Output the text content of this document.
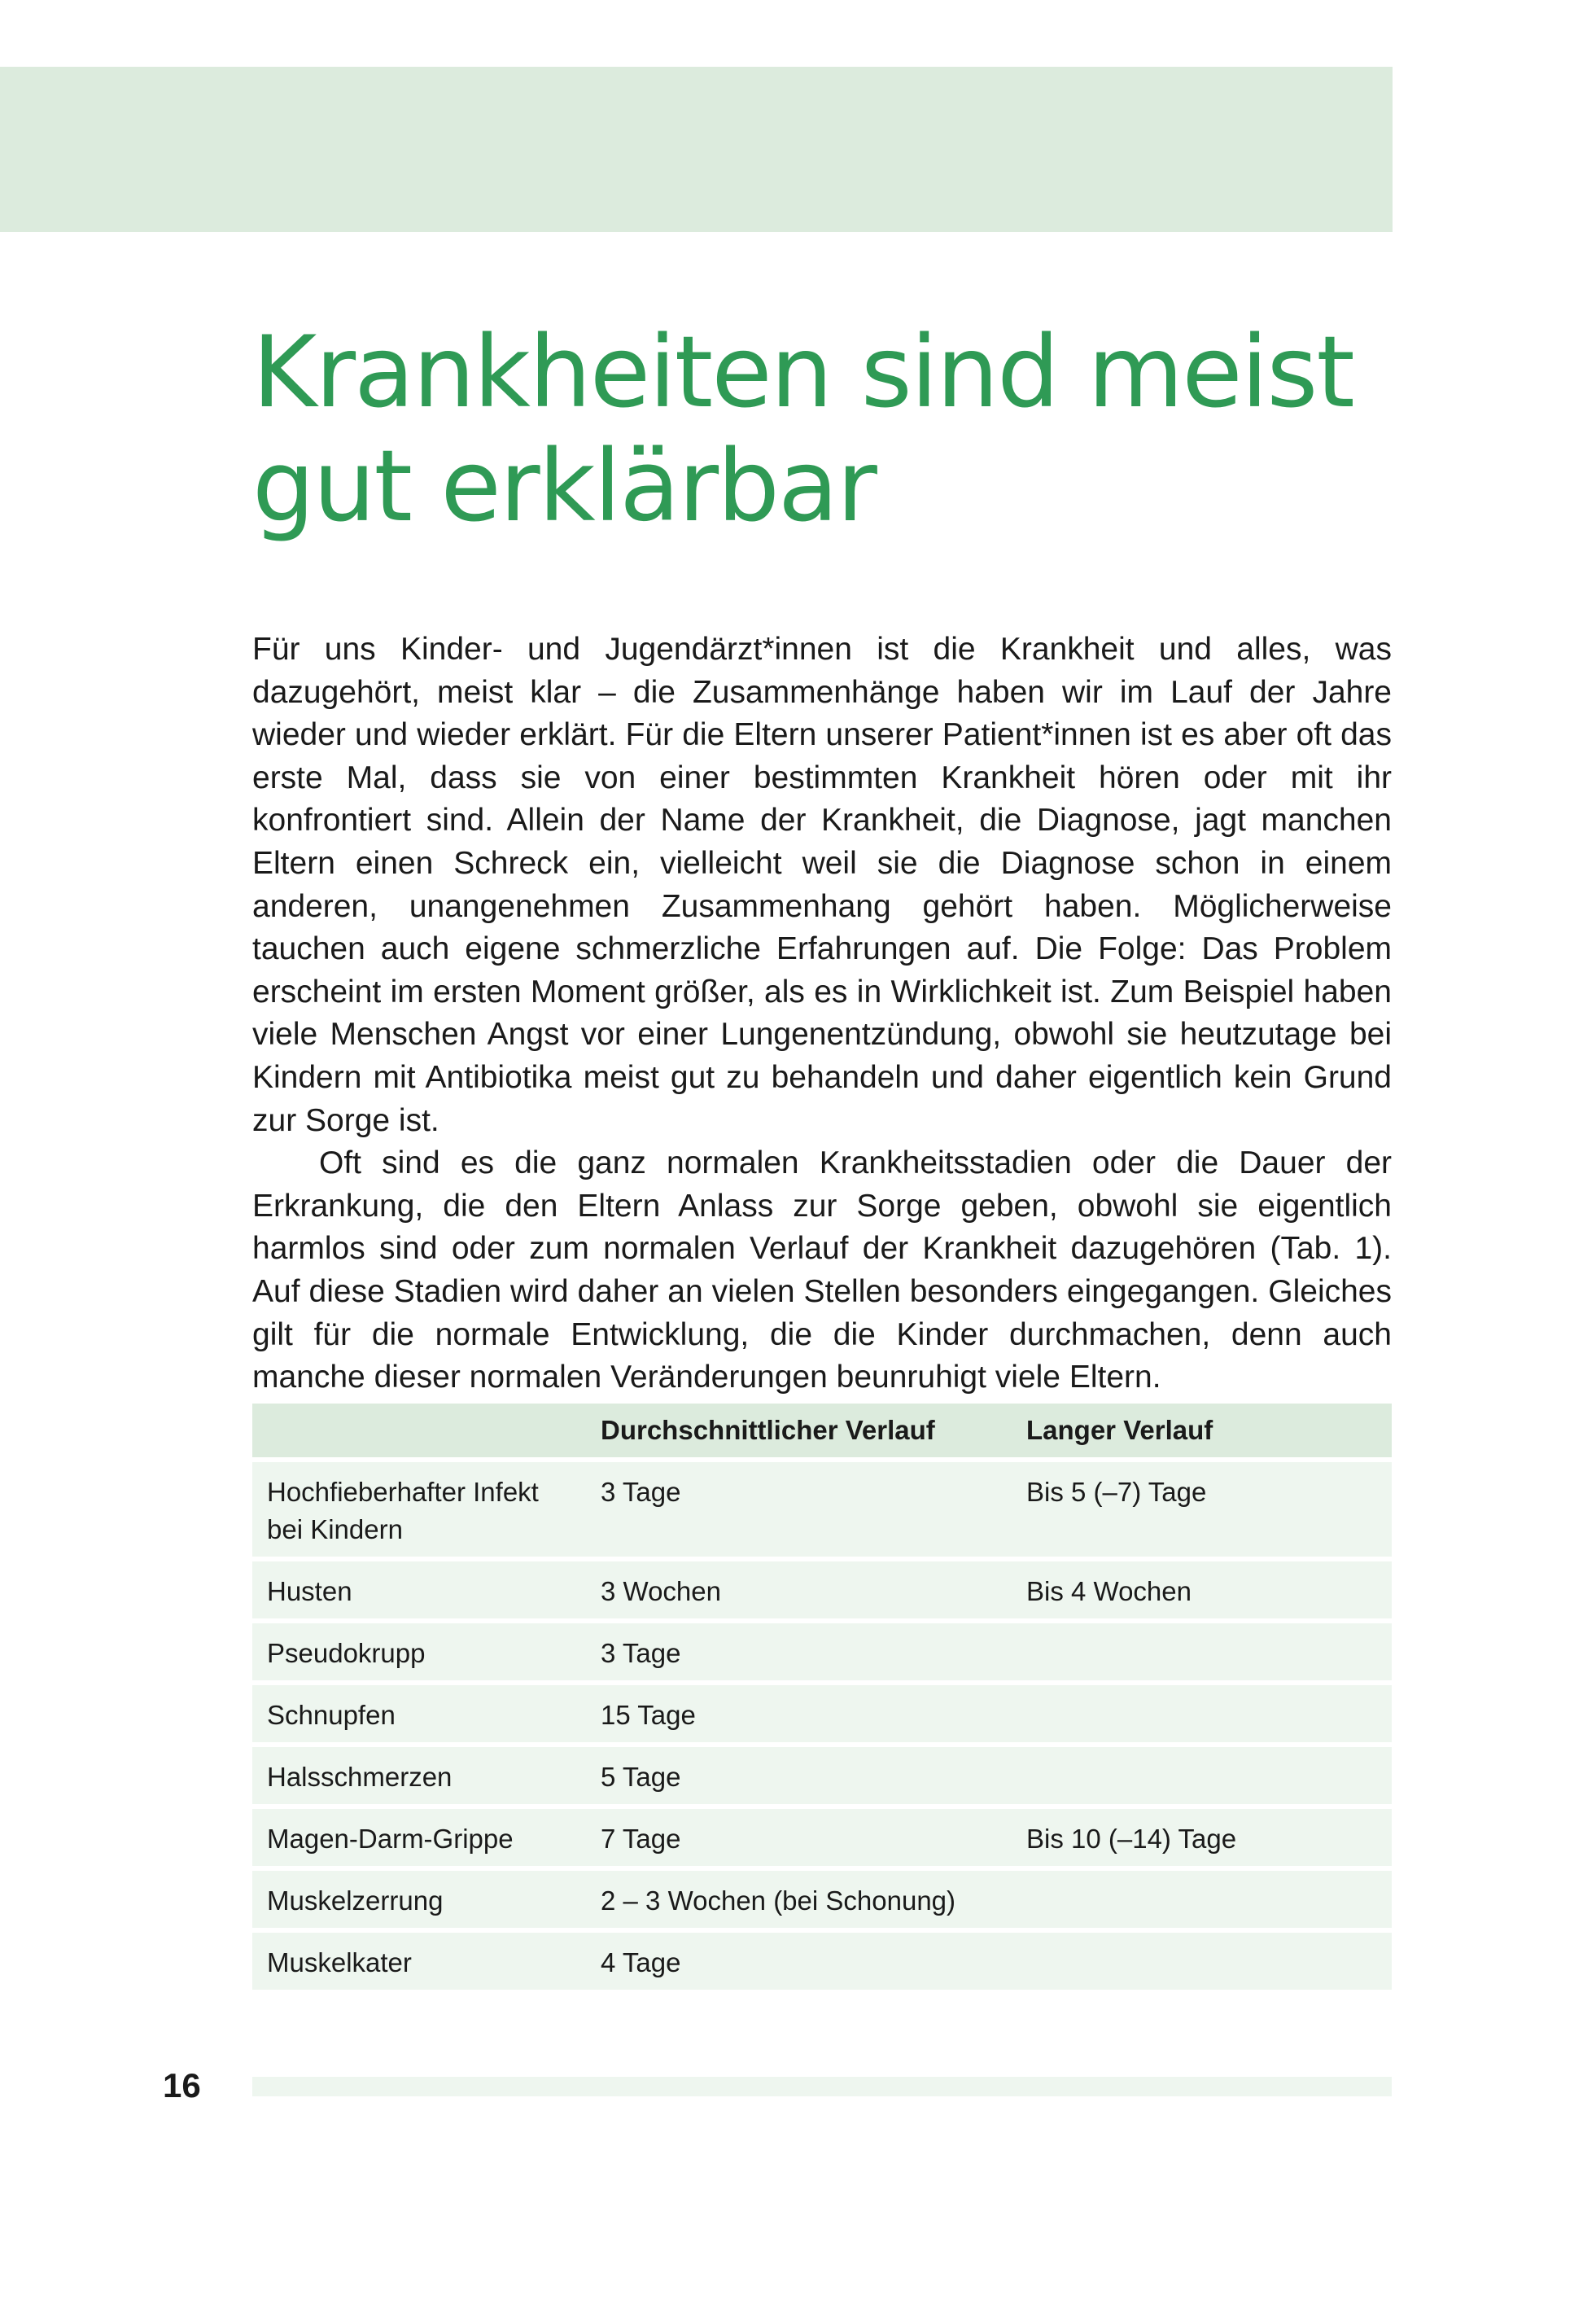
Krankheiten sind meist
gut erklärbar

Für uns Kinder- und Jugendärzt*innen ist die Krankheit und alles, was dazugehört, meist klar – die Zusammenhänge haben wir im Lauf der Jahre wieder und wieder erklärt. Für die Eltern unserer Patient*innen ist es aber oft das erste Mal, dass sie von einer bestimmten Krankheit hören oder mit ihr konfrontiert sind. Allein der Name der Krankheit, die Diagnose, jagt manchen Eltern einen Schreck ein, vielleicht weil sie die Diagnose schon in einem anderen, unangenehmen Zusammenhang gehört haben. Möglicherweise tauchen auch eigene schmerzliche Erfahrungen auf. Die Folge: Das Problem erscheint im ersten Moment größer, als es in Wirklichkeit ist. Zum Beispiel haben viele Menschen Angst vor einer Lungenentzündung, obwohl sie heutzutage bei Kindern mit Antibiotika meist gut zu behandeln und daher eigentlich kein Grund zur Sorge ist.

Oft sind es die ganz normalen Krankheitsstadien oder die Dauer der Erkrankung, die den Eltern Anlass zur Sorge geben, obwohl sie eigentlich harmlos sind oder zum normalen Verlauf der Krankheit dazugehören (Tab. 1). Auf diese Stadien wird daher an vielen Stellen besonders eingegangen. Gleiches gilt für die normale Entwicklung, die die Kinder durchmachen, denn auch manche dieser normalen Veränderungen beunruhigt viele Eltern.

	Durchschnittlicher Verlauf	Langer Verlauf
Hochfieberhafter Infekt bei Kindern	3 Tage	Bis 5 (–7) Tage
Husten	3 Wochen	Bis 4 Wochen
Pseudokrupp	3 Tage	
Schnupfen	15 Tage	
Halsschmerzen	5 Tage	
Magen-Darm-Grippe	7 Tage	Bis 10 (–14) Tage
Muskelzerrung	2 – 3 Wochen (bei Schonung)	
Muskelkater	4 Tage	
16
